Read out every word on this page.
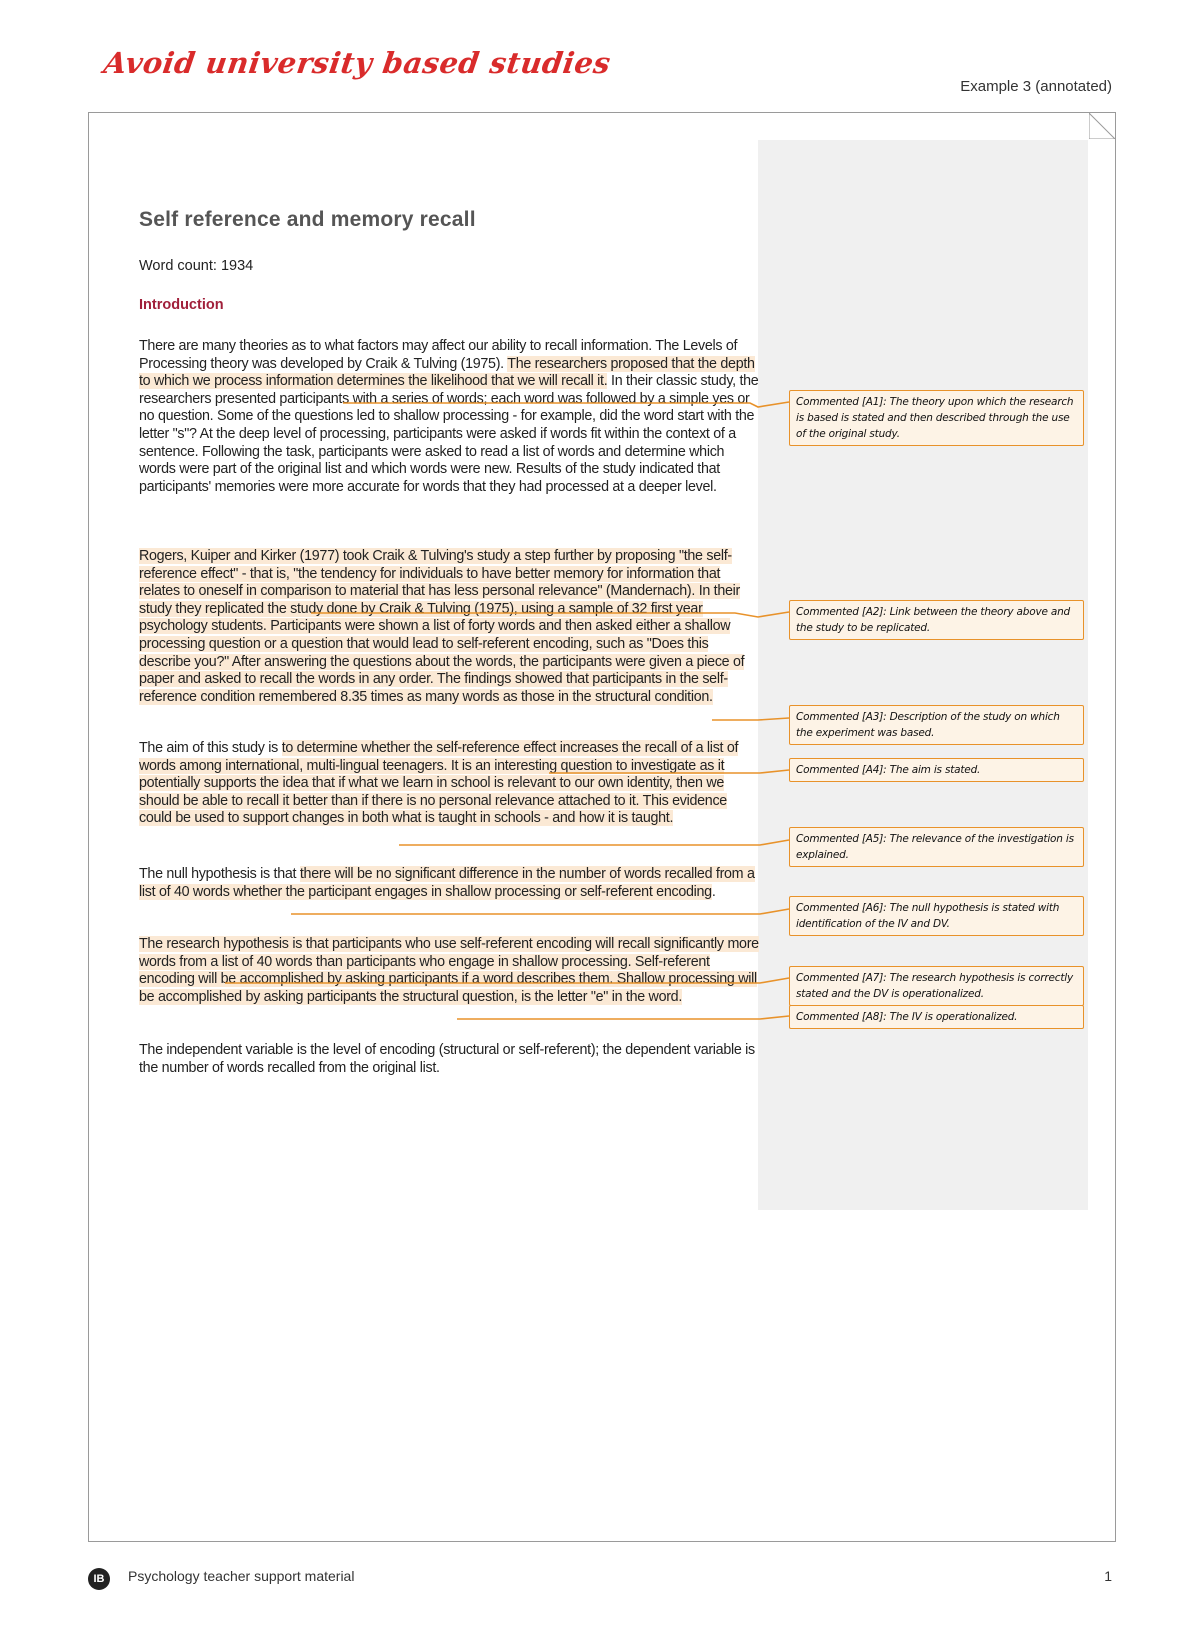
Avoid university based studies
Example 3 (annotated)
Self reference and memory recall
Word count: 1934
Introduction
There are many theories as to what factors may affect our ability to recall information. The Levels of Processing theory was developed by Craik & Tulving (1975). The researchers proposed that the depth to which we process information determines the likelihood that we will recall it. In their classic study, the researchers presented participants with a series of words; each word was followed by a simple yes or no question. Some of the questions led to shallow processing - for example, did the word start with the letter "s"? At the deep level of processing, participants were asked if words fit within the context of a sentence. Following the task, participants were asked to read a list of words and determine which words were part of the original list and which words were new. Results of the study indicated that participants' memories were more accurate for words that they had processed at a deeper level.
Rogers, Kuiper and Kirker (1977) took Craik & Tulving's study a step further by proposing "the self-reference effect" - that is, "the tendency for individuals to have better memory for information that relates to oneself in comparison to material that has less personal relevance" (Mandernach). In their study they replicated the study done by Craik & Tulving (1975), using a sample of 32 first year psychology students. Participants were shown a list of forty words and then asked either a shallow processing question or a question that would lead to self-referent encoding, such as "Does this describe you?" After answering the questions about the words, the participants were given a piece of paper and asked to recall the words in any order. The findings showed that participants in the self-reference condition remembered 8.35 times as many words as those in the structural condition.
The aim of this study is to determine whether the self-reference effect increases the recall of a list of words among international, multi-lingual teenagers. It is an interesting question to investigate as it potentially supports the idea that if what we learn in school is relevant to our own identity, then we should be able to recall it better than if there is no personal relevance attached to it. This evidence could be used to support changes in both what is taught in schools - and how it is taught.
The null hypothesis is that there will be no significant difference in the number of words recalled from a list of 40 words whether the participant engages in shallow processing or self-referent encoding.
The research hypothesis is that participants who use self-referent encoding will recall significantly more words from a list of 40 words than participants who engage in shallow processing. Self-referent encoding will be accomplished by asking participants if a word describes them. Shallow processing will be accomplished by asking participants the structural question, is the letter "e" in the word.
The independent variable is the level of encoding (structural or self-referent); the dependent variable is the number of words recalled from the original list.
Commented [A1]: The theory upon which the research is based is stated and then described through the use of the original study.
Commented [A2]: Link between the theory above and the study to be replicated.
Commented [A3]: Description of the study on which the experiment was based.
Commented [A4]: The aim is stated.
Commented [A5]: The relevance of the investigation is explained.
Commented [A6]: The null hypothesis is stated with identification of the IV and DV.
Commented [A7]: The research hypothesis is correctly stated and the DV is operationalized.
Commented [A8]: The IV is operationalized.
IB	Psychology teacher support material	1
